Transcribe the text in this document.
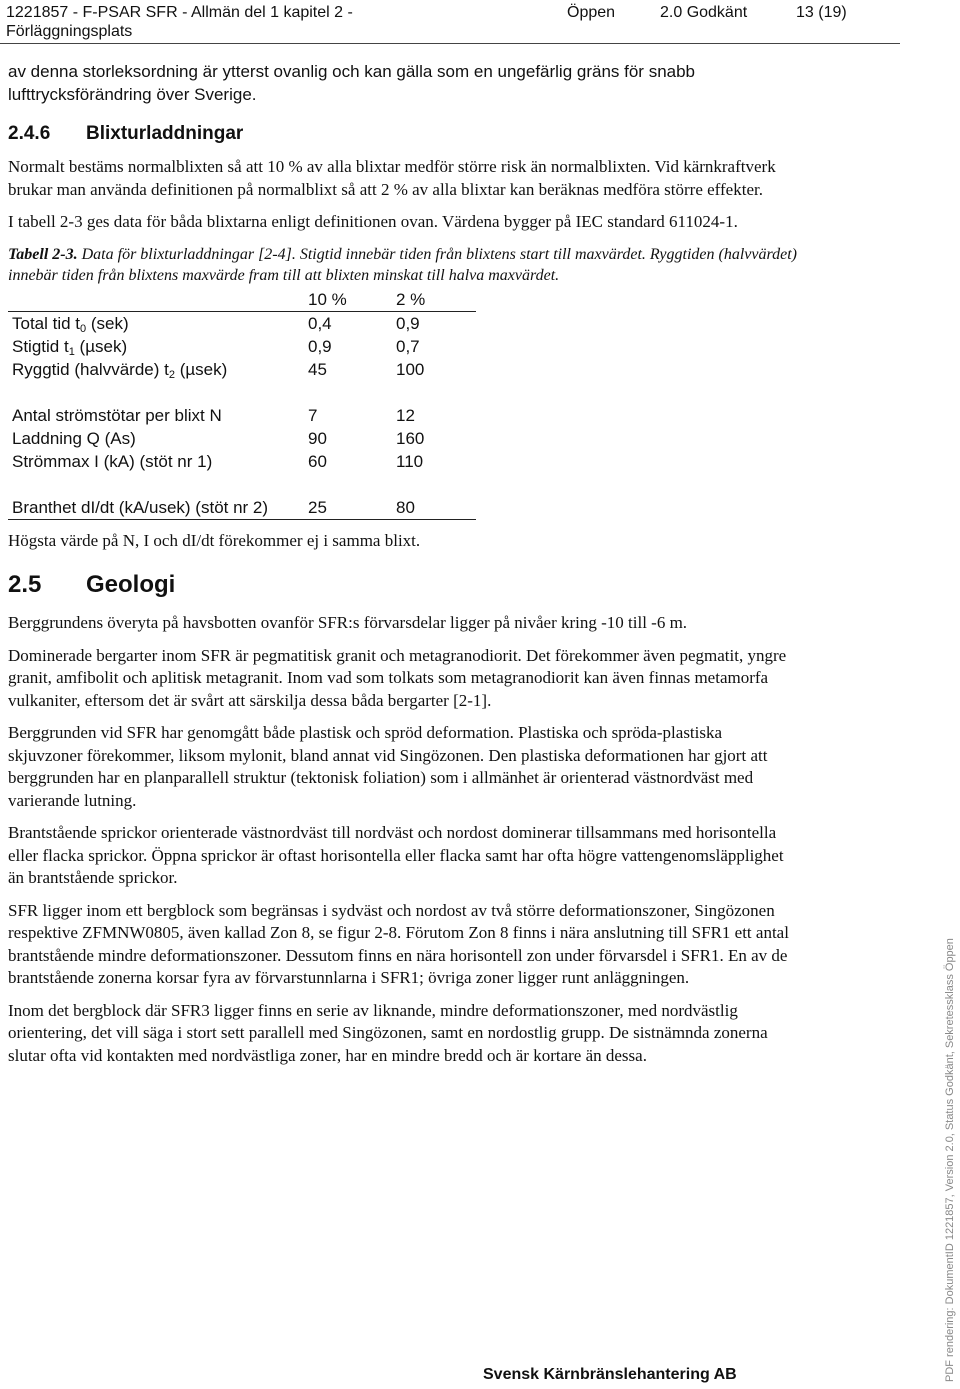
1221857 - F-PSAR SFR - Allmän del 1 kapitel 2 -
Förläggningsplats
Öppen	2.0 Godkänt	13 (19)

av denna storleksordning är ytterst ovanlig och kan gälla som en ungefärlig gräns för snabb lufttrycksförändring över Sverige.

2.4.6 Blixturladdningar

Normalt bestäms normalblixten så att 10 % av alla blixtar medför större risk än normalblixten. Vid kärnkraftverk brukar man använda definitionen på normalblixt så att 2 % av alla blixtar kan beräknas medföra större effekter.

I tabell 2-3 ges data för båda blixtarna enligt definitionen ovan. Värdena bygger på IEC standard 611024-1.

Tabell 2-3. Data för blixturladdningar [2-4]. Stigtid innebär tiden från blixtens start till maxvärdet. Ryggtiden (halvvärdet) innebär tiden från blixtens maxvärde fram till att blixten minskat till halva maxvärdet.

	10 %	2 %
Total tid $t_0$ (sek)	0,4	0,9
Stigtid $t_1$ (µsek)	0,9	0,7
Ryggtid (halvvärde) $t_2$ (µsek)	45	100

Antal strömstötar per blixt N	7	12
Laddning Q (As)	90	160
Strömmax I (kA) (stöt nr 1)	60	110

Branthet dI/dt (kA/usek) (stöt nr 2)	25	80

Högsta värde på N, I och dI/dt förekommer ej i samma blixt.

2.5 Geologi

Berggrundens överyta på havsbotten ovanför SFR:s förvarsdelar ligger på nivåer kring -10 till -6 m.

Dominerade bergarter inom SFR är pegmatitisk granit och metagranodiorit. Det förekommer även pegmatit, yngre granit, amfibolit och aplitisk metagranit. Inom vad som tolkats som metagranodiorit kan även finnas metamorfa vulkaniter, eftersom det är svårt att särskilja dessa båda bergarter [2-1].

Berggrunden vid SFR har genomgått både plastisk och spröd deformation. Plastiska och spröda-plastiska skjuvzoner förekommer, liksom mylonit, bland annat vid Singözonen. Den plastiska deformationen har gjort att berggrunden har en planparallell struktur (tektonisk foliation) som i allmänhet är orienterad västnordväst med varierande lutning.

Brantstående sprickor orienterade västnordväst till nordväst och nordost dominerar tillsammans med horisontella eller flacka sprickor. Öppna sprickor är oftast horisontella eller flacka samt har ofta högre vattengenomsläpplighet än brantstående sprickor.

SFR ligger inom ett bergblock som begränsas i sydväst och nordost av två större deformationszoner, Singözonen respektive ZFMNW0805, även kallad Zon 8, se figur 2-8. Förutom Zon 8 finns i nära anslutning till SFR1 ett antal brantstående mindre deformationszoner. Dessutom finns en nära horisontell zon under förvarsdel i SFR1. En av de brantstående zonerna korsar fyra av förvarstunnlarna i SFR1; övriga zoner ligger runt anläggningen.

Inom det bergblock där SFR3 ligger finns en serie av liknande, mindre deformationszoner, med nordvästlig orientering, det vill säga i stort sett parallell med Singözonen, samt en nordostlig grupp. De sistnämnda zonerna slutar ofta vid kontakten med nordvästliga zoner, har en mindre bredd och är kortare än dessa.

Svensk Kärnbränslehantering AB	PDF rendering: DokumentID 1221857, Version 2.0, Status Godkänt, Sekretessklass Öppen
